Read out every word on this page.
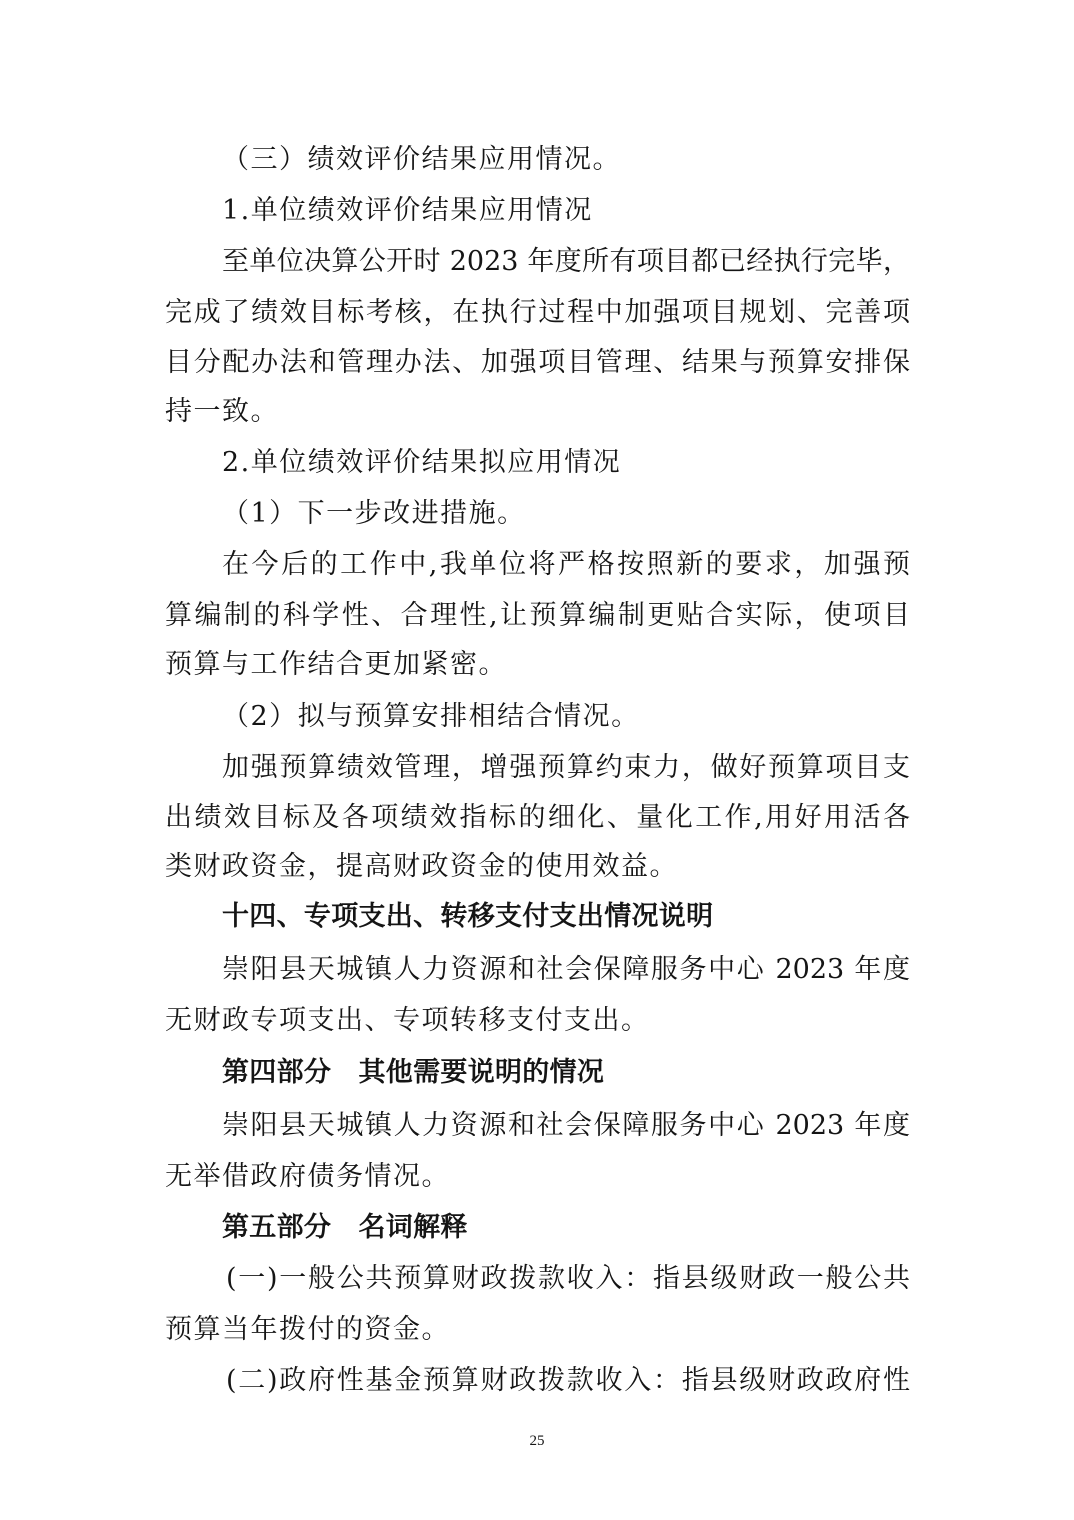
（三）绩效评价结果应用情况。
1.单位绩效评价结果应用情况
至单位决算公开时 2023 年度所有项目都已经执行完毕，
完成了绩效目标考核，在执行过程中加强项目规划、完善项
目分配办法和管理办法、加强项目管理、结果与预算安排保
持一致。
2.单位绩效评价结果拟应用情况
（1）下一步改进措施。
在今后的工作中,我单位将严格按照新的要求，加强预
算编制的科学性、合理性,让预算编制更贴合实际，使项目
预算与工作结合更加紧密。
（2）拟与预算安排相结合情况。
加强预算绩效管理，增强预算约束力，做好预算项目支
出绩效目标及各项绩效指标的细化、量化工作,用好用活各
类财政资金，提高财政资金的使用效益。
十四、专项支出、转移支付支出情况说明
崇阳县天城镇人力资源和社会保障服务中心 2023 年度
无财政专项支出、专项转移支付支出。
第四部分　其他需要说明的情况
崇阳县天城镇人力资源和社会保障服务中心 2023 年度
无举借政府债务情况。
第五部分　名词解释
(一)一般公共预算财政拨款收入：指县级财政一般公共
预算当年拨付的资金。
(二)政府性基金预算财政拨款收入：指县级财政政府性
25
